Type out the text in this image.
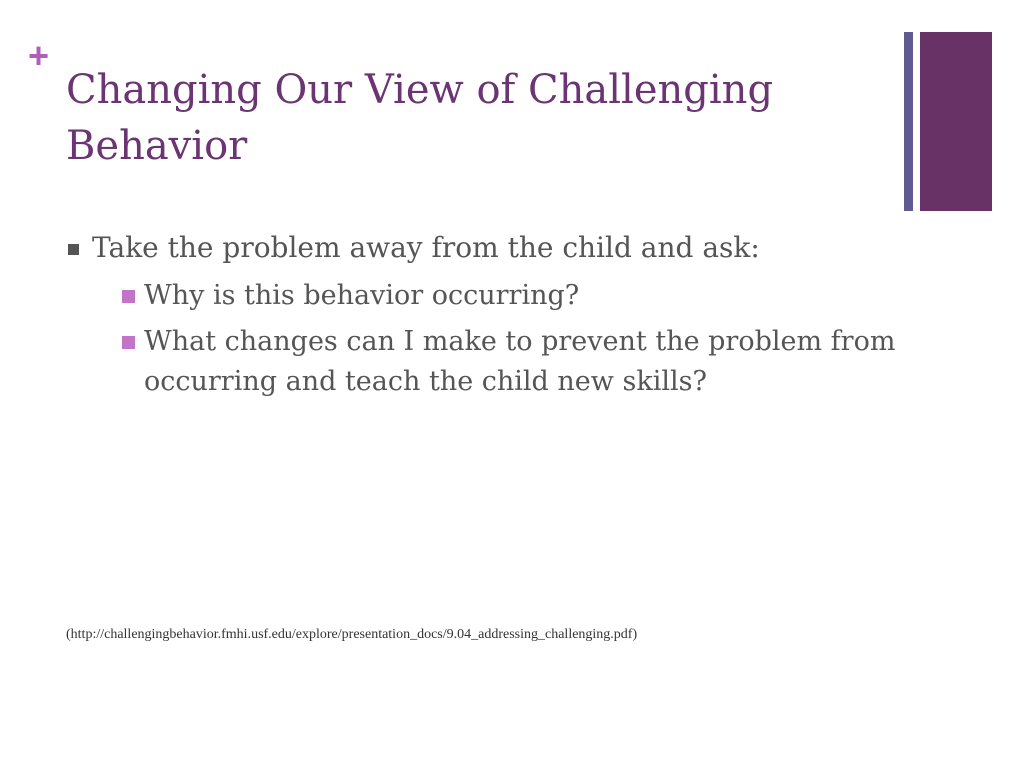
+
Changing Our View of Challenging Behavior
Take the problem away from the child and ask:
Why is this behavior occurring?
What changes can I make to prevent the problem from occurring and teach the child new skills?

(http://challengingbehavior.fmhi.usf.edu/explore/presentation_docs/9.04_addressing_challenging.pdf)
